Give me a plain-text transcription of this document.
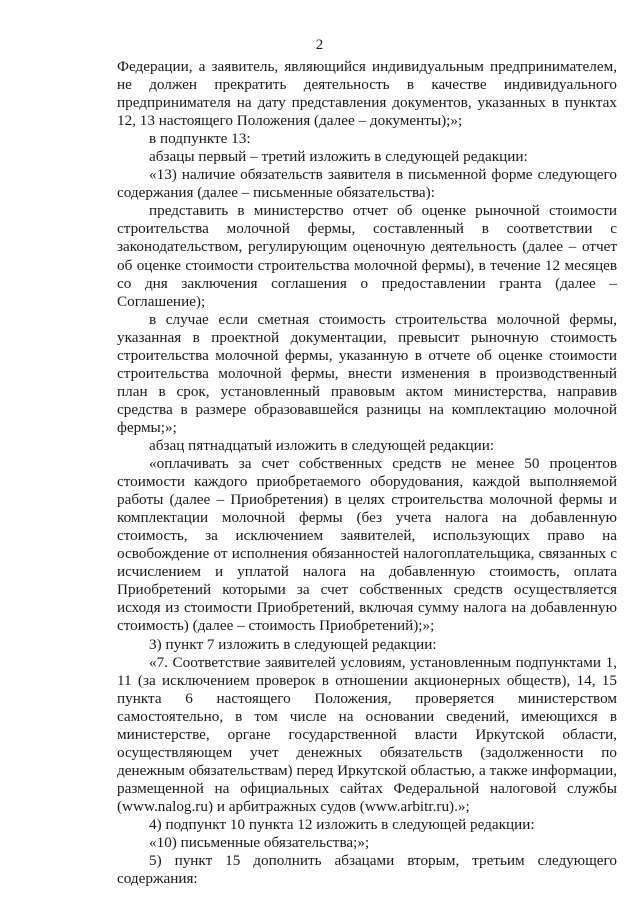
2

Федерации, а заявитель, являющийся индивидуальным предпринимателем, не должен прекратить деятельность в качестве индивидуального предпринимателя на дату представления документов, указанных в пунктах 12, 13 настоящего Положения (далее – документы);»;

в подпункте 13:

абзацы первый – третий изложить в следующей редакции:

«13) наличие обязательств заявителя в письменной форме следующего содержания (далее – письменные обязательства):

представить в министерство отчет об оценке рыночной стоимости строительства молочной фермы, составленный в соответствии с законодательством, регулирующим оценочную деятельность (далее – отчет об оценке стоимости строительства молочной фермы), в течение 12 месяцев со дня заключения соглашения о предоставлении гранта (далее – Соглашение);

в случае если сметная стоимость строительства молочной фермы, указанная в проектной документации, превысит рыночную стоимость строительства молочной фермы, указанную в отчете об оценке стоимости строительства молочной фермы, внести изменения в производственный план в срок, установленный правовым актом министерства, направив средства в размере образовавшейся разницы на комплектацию молочной фермы;»;

абзац пятнадцатый изложить в следующей редакции:

«оплачивать за счет собственных средств не менее 50 процентов стоимости каждого приобретаемого оборудования, каждой выполняемой работы (далее – Приобретения) в целях строительства молочной фермы и комплектации молочной фермы (без учета налога на добавленную стоимость, за исключением заявителей, использующих право на освобождение от исполнения обязанностей налогоплательщика, связанных с исчислением и уплатой налога на добавленную стоимость, оплата Приобретений которыми за счет собственных средств осуществляется исходя из стоимости Приобретений, включая сумму налога на добавленную стоимость) (далее – стоимость Приобретений);»;

3) пункт 7 изложить в следующей редакции:

«7. Соответствие заявителей условиям, установленным подпунктами 1, 11 (за исключением проверок в отношении акционерных обществ), 14, 15 пункта 6 настоящего Положения, проверяется министерством самостоятельно, в том числе на основании сведений, имеющихся в министерстве, органе государственной власти Иркутской области, осуществляющем учет денежных обязательств (задолженности по денежным обязательствам) перед Иркутской областью, а также информации, размещенной на официальных сайтах Федеральной налоговой службы (www.nalog.ru) и арбитражных судов (www.arbitr.ru).»;

4) подпункт 10 пункта 12 изложить в следующей редакции:

«10) письменные обязательства;»;

5) пункт 15 дополнить абзацами вторым, третьим следующего содержания:
